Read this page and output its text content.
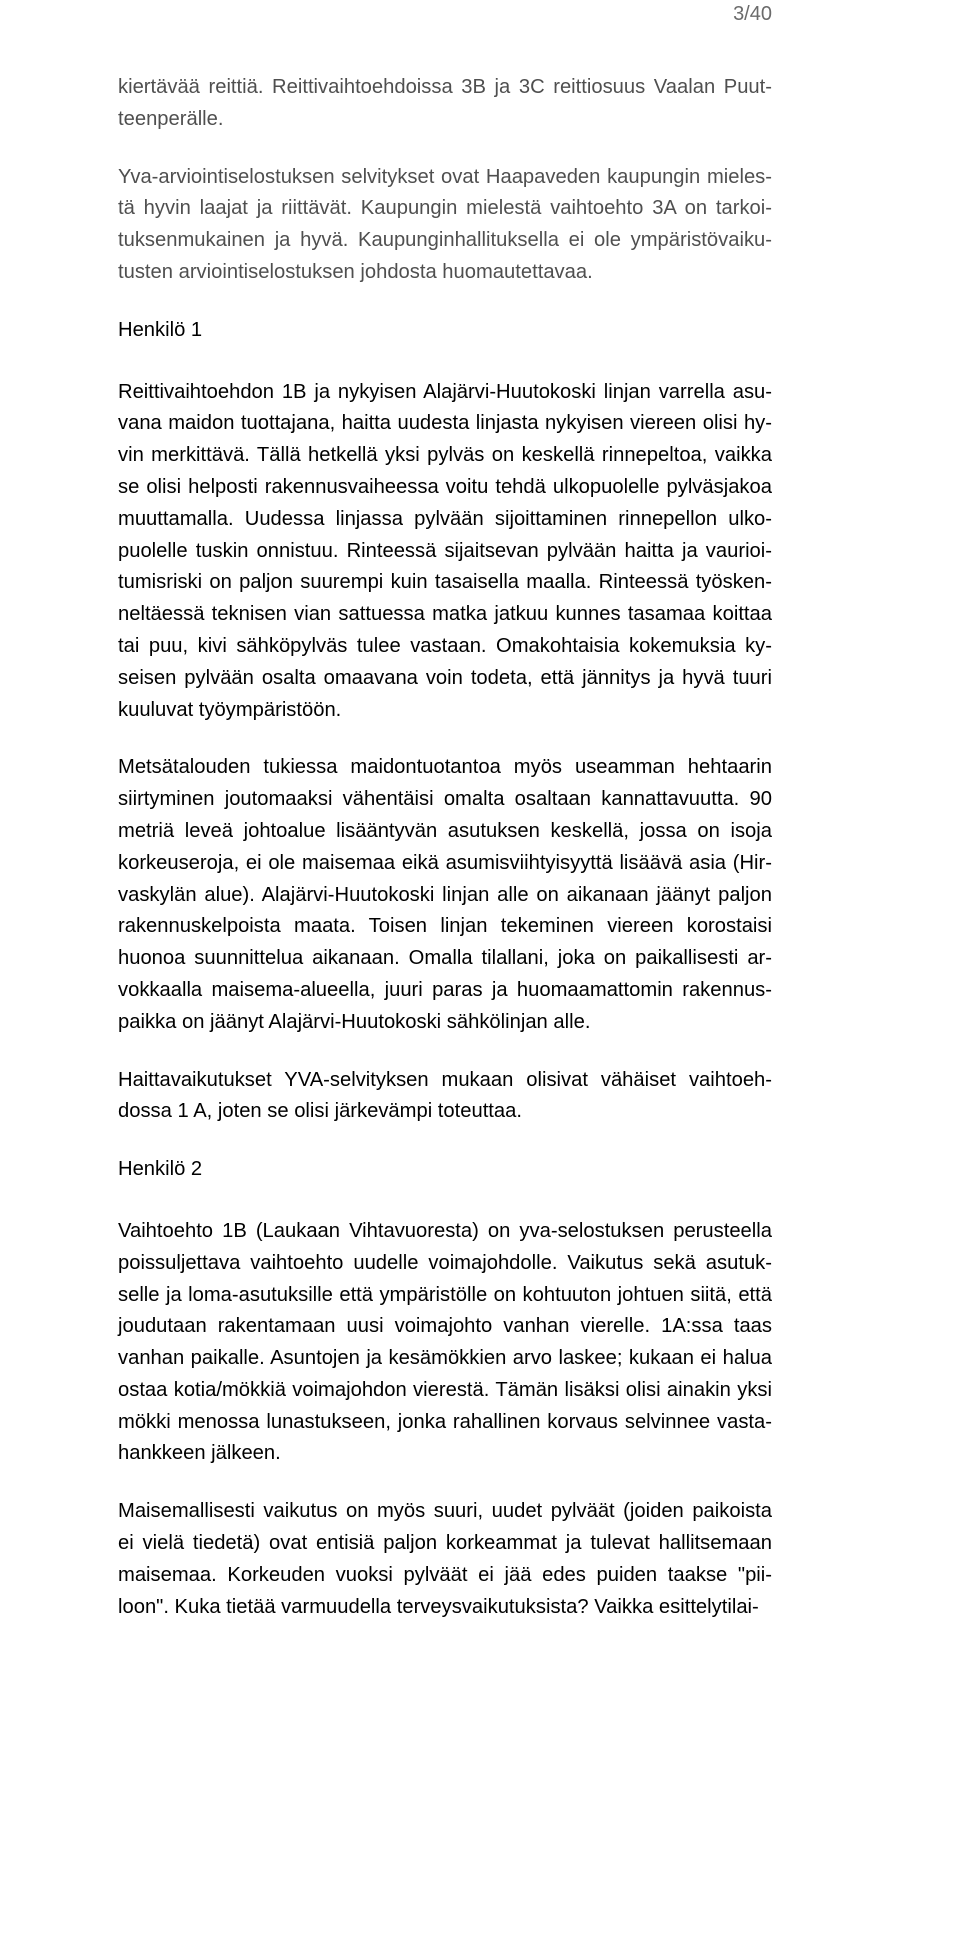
3/40

kiertävää reittiä. Reittivaihtoehdoissa 3B ja 3C reittiosuus Vaalan Puut-
teenperälle.

Yva-arviointiselostuksen selvitykset ovat Haapaveden kaupungin mieles-
tä hyvin laajat ja riittävät. Kaupungin mielestä vaihtoehto 3A on tarkoi-
tuksenmukainen ja hyvä. Kaupunginhallituksella ei ole ympäristövaiku-
tusten arviointiselostuksen johdosta huomautettavaa.

Henkilö 1

Reittivaihtoehdon 1B ja nykyisen Alajärvi-Huutokoski linjan varrella asu-
vana maidon tuottajana, haitta uudesta linjasta nykyisen viereen olisi hy-
vin merkittävä. Tällä hetkellä yksi pylväs on keskellä rinnepeltoa, vaikka
se olisi helposti rakennusvaiheessa voitu tehdä ulkopuolelle pylväsjakoa
muuttamalla. Uudessa linjassa pylvään sijoittaminen rinnepellon ulko-
puolelle tuskin onnistuu. Rinteessä sijaitsevan pylvään haitta ja vaurioi-
tumisriski on paljon suurempi kuin tasaisella maalla. Rinteessä työsken-
neltäessä teknisen vian sattuessa matka jatkuu kunnes tasamaa koittaa
tai puu, kivi sähköpylväs tulee vastaan. Omakohtaisia kokemuksia ky-
seisen pylvään osalta omaavana voin todeta, että jännitys ja hyvä tuuri
kuuluvat työympäristöön.

Metsätalouden tukiessa maidontuotantoa myös useamman hehtaarin
siirtyminen joutomaaksi vähentäisi omalta osaltaan kannattavuutta. 90
metriä leveä johtoalue lisääntyvän asutuksen keskellä, jossa on isoja
korkeuseroja, ei ole maisemaa eikä asumisviihtyisyyttä lisäävä asia (Hir-
vaskylän alue). Alajärvi-Huutokoski linjan alle on aikanaan jäänyt paljon
rakennuskelpoista maata. Toisen linjan tekeminen viereen korostaisi
huonoa suunnittelua aikanaan. Omalla tilallani, joka on paikallisesti ar-
vokkaalla maisema-alueella, juuri paras ja huomaamattomin rakennus-
paikka on jäänyt Alajärvi-Huutokoski sähkölinjan alle.

Haittavaikutukset YVA-selvityksen mukaan olisivat vähäiset vaihtoeh-
dossa 1 A, joten se olisi järkevämpi toteuttaa.

Henkilö 2

Vaihtoehto 1B (Laukaan Vihtavuoresta) on yva-selostuksen perusteella
poissuljettava vaihtoehto uudelle voimajohdolle. Vaikutus sekä asutuk-
selle ja loma-asutuksille että ympäristölle on kohtuuton johtuen siitä, että
joudutaan rakentamaan uusi voimajohto vanhan vierelle. 1A:ssa taas
vanhan paikalle. Asuntojen ja kesämökkien arvo laskee; kukaan ei halua
ostaa kotia/mökkiä voimajohdon vierestä. Tämän lisäksi olisi ainakin yksi
mökki menossa lunastukseen, jonka rahallinen korvaus selvinnee vasta-
hankkeen jälkeen.

Maisemallisesti vaikutus on myös suuri, uudet pylväät (joiden paikoista
ei vielä tiedetä) ovat entisiä paljon korkeammat ja tulevat hallitsemaan
maisemaa. Korkeuden vuoksi pylväät ei jää edes puiden taakse "pii-
loon". Kuka tietää varmuudella terveysvaikutuksista? Vaikka esittelytilai-
